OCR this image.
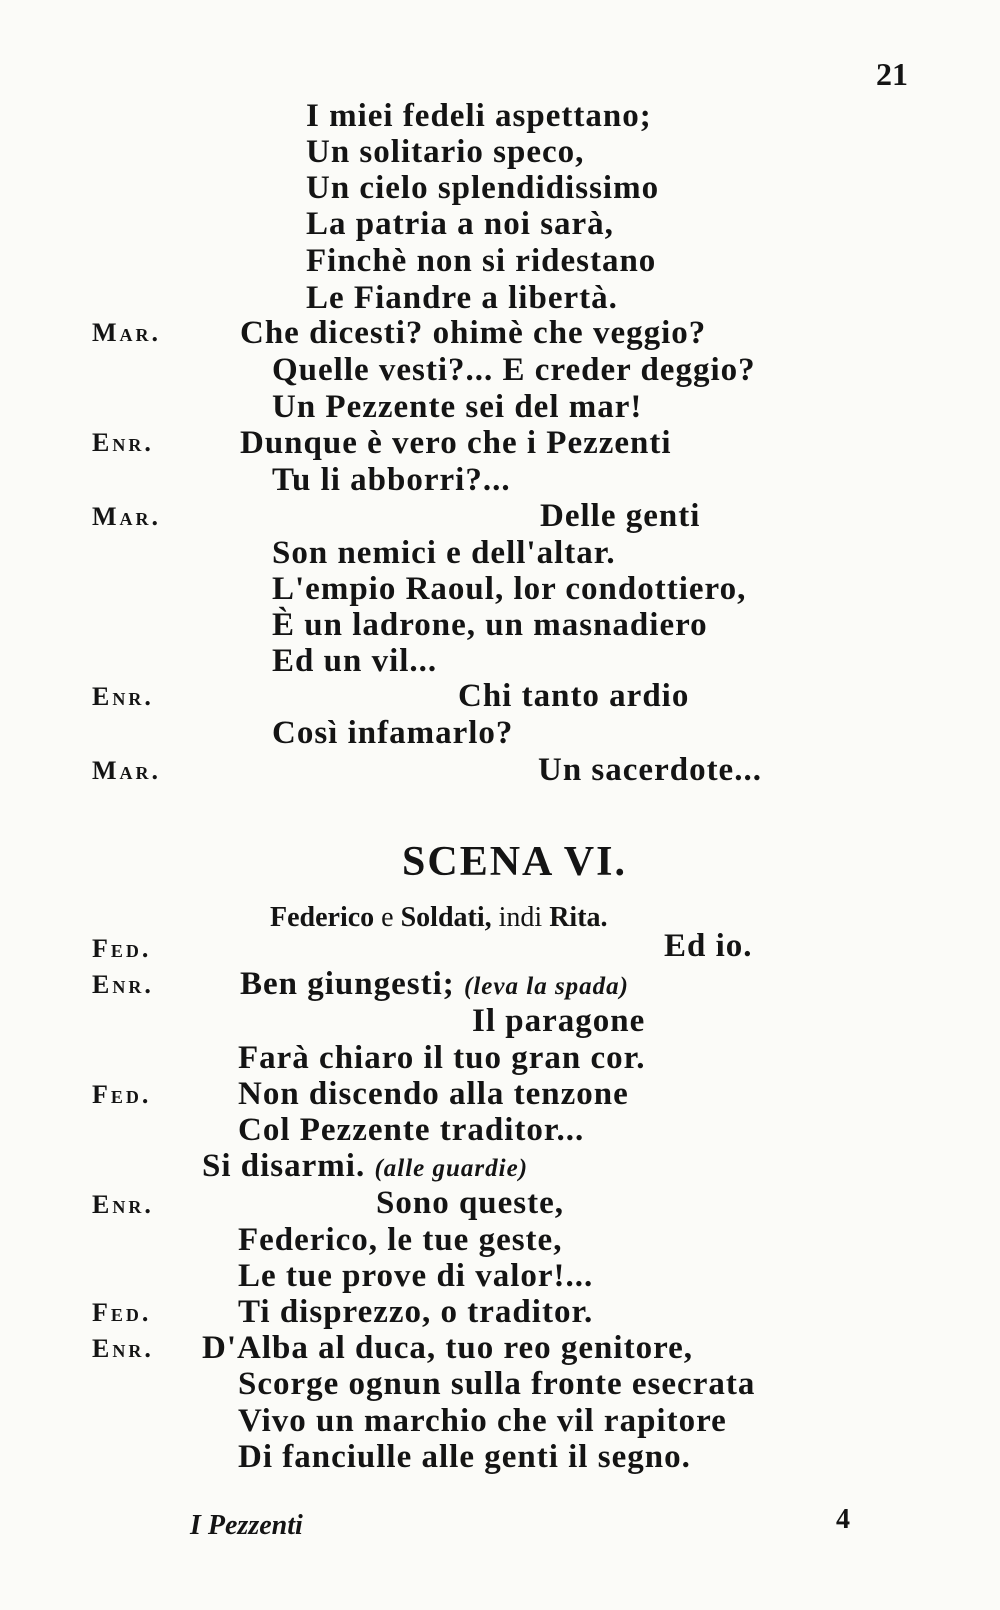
21
I miei fedeli aspettano;
Un solitario speco,
Un cielo splendidissimo
La patria a noi sarà,
Finchè non si ridestano
Le Fiandre a libertà.
Mar. Che dicesti? ohimè che veggio?
Quelle vesti?... E creder deggio?
Un Pezzente sei del mar!
Enr.	Dunque è vero che i Pezzenti
Tu li abborri?...
Mar.	Delle genti
Son nemici e dell'altar.
L'empio Raoul, lor condottiero,
È un ladrone, un masnadiero
Ed un vil...
Enr.	Chi tanto ardio
Così infamarlo?
Mar.	Un sacerdote...
SCENA VI.
Federico e Soldati, indi Rita.
Fed.	Ed io.
Enr.	Ben giungesti; (leva la spada)
Il paragone
Farà chiaro il tuo gran cor.
Fed.	Non discendo alla tenzone
Col Pezzente traditor...
Si disarmi. (alle guardie)
Enr.	Sono queste,
Federico, le tue geste,
Le tue prove di valor!...
Fed.	Ti disprezzo, o traditor.
Enr. D'Alba al duca, tuo reo genitore,
Scorge ognun sulla fronte esecrata
Vivo un marchio che vil rapitore
Di fanciulle alle genti il segno.
I Pezzenti	4
